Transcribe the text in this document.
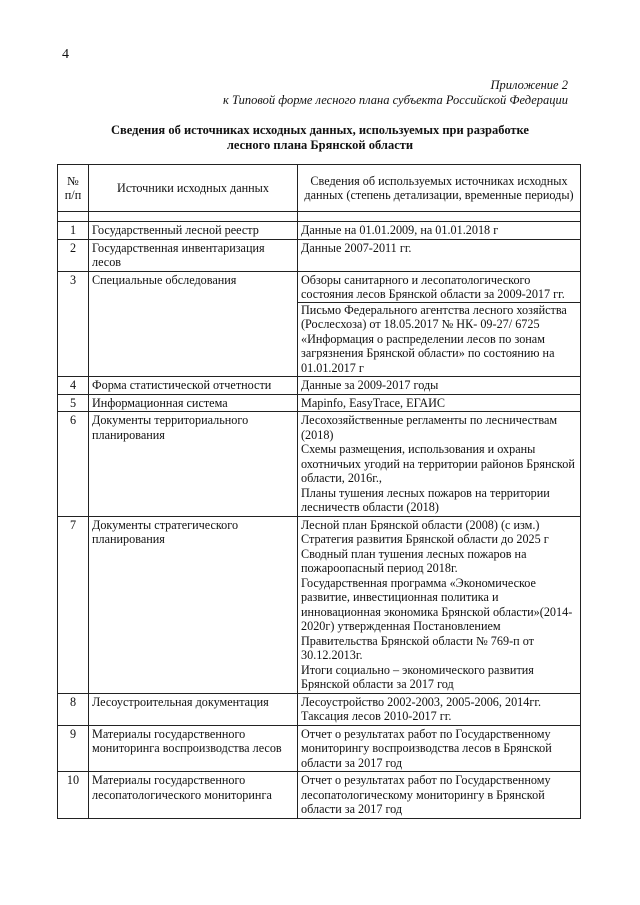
4
Приложение 2
к Типовой форме лесного плана субъекта Российской Федерации
Сведения об источниках исходных данных, используемых при разработке
лесного плана Брянской области
№ п/п	Источники исходных данных	Сведения об используемых источниках исходных данных (степень детализации, временные периоды)

1	Государственный лесной реестр	Данные на 01.01.2009, на 01.01.2018 г

2	Государственная инвентаризация лесов	Данные 2007-2011 гг.

3	Специальные обследования	Обзоры санитарного и лесопатологического состояния лесов Брянской области за 2009-2017 гг.
Письмо Федерального агентства лесного хозяйства (Рослесхоза) от 18.05.2017 № НК- 09-27/ 6725 «Информация о распределении лесов по зонам загрязнения Брянской области» по состоянию на 01.01.2017 г

4	Форма статистической отчетности	Данные за 2009-2017 годы

5	Информационная система	Mapinfo, EasyTrace, ЕГАИС

6	Документы территориального планирования	Лесохозяйственные регламенты по лесничествам (2018)
Схемы размещения, использования и охраны охотничьих угодий на территории районов Брянской области, 2016г.,
Планы тушения лесных пожаров на территории лесничеств области (2018)

7	Документы стратегического планирования	Лесной план Брянской области (2008) (с изм.)
Стратегия развития Брянской области до 2025 г
Сводный план тушения лесных пожаров на пожароопасный период 2018г.
Государственная программа «Экономическое развитие, инвестиционная политика и инновационная экономика Брянской области»(2014-2020г) утвержденная Постановлением Правительства Брянской области № 769-п от 30.12.2013г.
Итоги социально – экономического развития Брянской области за 2017 год

8	Лесоустроительная документация	Лесоустройство 2002-2003, 2005-2006, 2014гг.
Таксация лесов 2010-2017 гг.

9	Материалы государственного мониторинга воспроизводства лесов	Отчет о результатах работ по Государственному мониторингу воспроизводства лесов в Брянской области за 2017 год

10	Материалы государственного лесопатологического мониторинга	Отчет о результатах работ по Государственному лесопатологическому мониторингу в Брянской области за 2017 год
